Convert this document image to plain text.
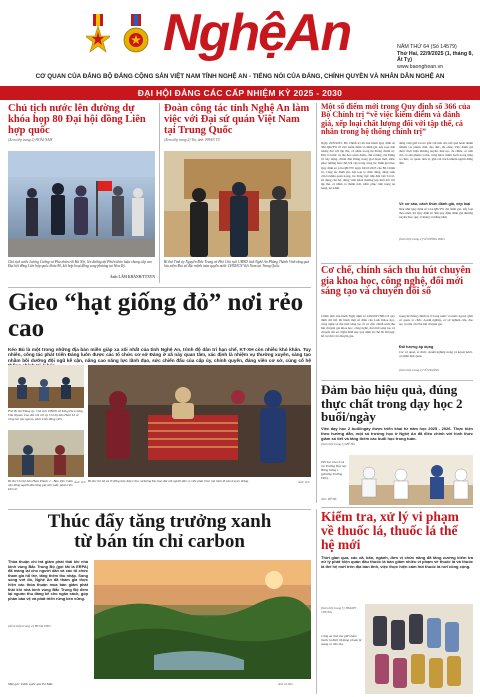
NghệAn	NĂM THỨ 64 (Số 14579)
Thứ Hai, 22/9/2025 (1, tháng 8, Ất Tỵ)
www.baonghean.vn
CƠ QUAN CỦA ĐẢNG BỘ ĐẢNG CỘNG SẢN VIỆT NAM TỈNH NGHỆ AN - TIẾNG NÓI CỦA ĐẢNG, CHÍNH QUYỀN VÀ NHÂN DÂN NGHỆ AN
ĐẠI HỘI ĐẢNG CÁC CẤP NHIỆM KỲ 2025 - 2030
Chủ tịch nước lên đường dự khóa họp 80 Đại hội đồng Liên hợp quốc
(Xem tiếp trang 2) HOÀI NAM
Chủ tịch nước Lương Cường và Phu nhân rời Hà Nội, lên đường dự Phiên thảo luận chung cấp cao Đại hội đồng Liên hợp quốc khóa 80, kết hợp hoạt động song phương tại Hoa Kỳ.
Ảnh: LÂM KHÁNH/TTXVN
Đoàn công tác tỉnh Nghệ An làm việc với Đại sứ quán Việt Nam tại Trung Quốc
(Xem tiếp trang 2) Tin, ảnh: PHAN TÚ
Bí thư Tỉnh ủy Nguyễn Đức Trung và Phó Chủ tịch UBND tỉnh Nghệ An Phùng Thành Vinh tặng quà lưu niệm Đại sứ đặc mệnh toàn quyền nước CHXHCN Việt Nam tại Trung Quốc.
Một số điểm mới trong Quy định số 366 của Bộ Chính trị “về việc kiểm điểm và đánh giá, xếp loại chất lượng đối với tập thể, cá nhân trong hệ thống chính trị”
Ngày 20/8/2025, Bộ Chính trị đã ban hành Quy định số 366-QĐ/TW về việc kiểm điểm và đánh giá, xếp loại chất lượng đối với tập thể, cá nhân trong hệ thống chính trị. Đây là bước cụ thể hóa quan điểm, chủ trương của Đảng về xây dựng, chỉnh đốn Đảng trong giai đoạn mới, khắc phục những hạn chế, bất cập trong công tác đánh giá theo Quy định số 124-QĐ/TW ngày 04/10/2023 của Bộ Chính trị. Công tác đánh giá, xếp loại tổ chức đảng, đảng viên cần là khâu quan trọng, tác động trực tiếp đến việc bố trí, sử dụng cán bộ, động viên khen thưởng kịp thời đối với tập thể, cá nhân có thành tích, khắc phục tình trạng nể nang, né tránh.
đảng viên giữ vai trò gắn với tiêu chí, kết quả hoàn thành nhiệm vụ, phẩm chất, đạo đức, lối sống. Việc đánh giá được thực hiện thường xuyên, liên tục, đa chiều, có tiêu chí, có sản phẩm cụ thể, công khai, minh bạch trong từng tổ chức, cơ quan, đơn vị, gắn với trách nhiệm người đứng đầu.
Về cơ cấu, cách thức đánh giá, xếp loại
Nếu như Quy định số 124-QĐ/TW chỉ đánh giá, xếp loại theo năm, thì Quy định số 366 quy định đánh giá thường xuyên theo quý, 6 tháng và hằng năm.
(Xem tiếp trang 2) VÕ HỒNG HẢO
Gieo “hạt giống đỏ” nơi rẻo cao
Kéo Bù là một trong những địa bàn miền giáp xa xôi nhất của tỉnh Nghệ An, trình độ dân trí hạn chế, KT-XH còn nhiều khó khăn. Tuy nhiên, công tác phát triển Đảng luôn được các tổ chức cơ sở Đảng ở xã này quan tâm, xác định là nhiệm vụ thường xuyên, sáng tạo nhằm bồi dưỡng đội ngũ kế cận, nâng cao năng lực lãnh đạo, sức chiến đấu của cấp ủy, chính quyền, đảng viên cơ sở, củng cố hệ
Phó Bí thư Đảng ủy, Chủ tịch UBND xã Kẻng Đu Lương Văn Ngoan trao đổi với chi ủy Chi bộ bản Huồi Lê về công tác tạo nguồn, phát triển đảng viên.
Bí thư Chi bộ bản Huồi Phuốc 1 - Bùa Văn Cảnh vận động người dân tăng gia sản xuất, phát triển kinh tế.
Ảnh: K.L Bí thư chi bộ và Trưởng bản Xốp Côm, xã Kẻng Đu trao đổi với người dân về việc phát triển mô hình di sản truyền thống.	Ảnh: K.L
Cơ chế, chính sách thu hút chuyên gia khoa học, công nghệ, đổi mới sáng tạo và chuyển đổi số
Chính phủ ban hành Nghị định số 249/2025/NĐ-CP quy định chi tiết thi hành một số điều của Luật Khoa học, công nghệ và đổi mới sáng tạo về cơ chế, chính sách thu hút chuyên gia khoa học, công nghệ, đổi mới sáng tạo và chuyển đổi số. Nghị định này quy định về chế độ đãi ngộ, hỗ trợ đối với chuyên gia.
trong hệ thống chính trị ở trong nước và nước ngoài, gồm cơ quan, tổ chức, doanh nghiệp, cơ sở nghiên cứu, đào tạo có nhu cầu thu hút chuyên gia.
Đối tượng áp dụng
Các cơ quan, tổ chức, doanh nghiệp trong và ngoài nước, cá nhân liên quan.
(Xem tiếp trang 2) VŨ HOÀNG
Đảm bảo hiệu quả, đúng thực chất trong dạy học 2 buổi/ngày
Việc dạy học 2 buổi/ngày được triển khai từ năm học 2025 - 2026. Thực hiện theo hướng dẫn, một số trường học ở Nghệ An đã điều chỉnh với hình thức giảm số tiết và tăng thêm các buổi học trong tuần.
(Xem tiếp trang 3) MỸ HÀ
Tiết học của cô và trò Trường Tiểu học Hưng Dũng 1 (phường Trường Vinh).
Ảnh: MỸ HÀ
Thúc đẩy tăng trưởng xanh từ bán tín chỉ carbon
Thỏa thuận chi trả giảm phát thải khí nhà kính vùng Bắc Trung Bộ (gọi tắt là ERPA) đã mang lại cho người dân và các tổ chức tham gia hỗ trợ, tăng thêm thu nhập. Song song với đó, Nghệ An đã tham gia thực hiện các thỏa thuận mua bán giảm phát thải khí nhà kính vùng Bắc Trung Bộ đem lại nguồn thu đáng kể cho ngân sách, góp phần bảo vệ và phát triển rừng bền vững.
(Xem tiếp trang 2) HOÀI THU
Một góc Vườn quốc gia Pù Mát.	Ảnh tư liệu
Kiểm tra, xử lý vi phạm về thuốc lá, thuốc lá thế hệ mới
Thời gian qua, các xã, bản, ngành, đơn vị chức năng đã tăng cường kiểm tra xử lý phát hiện quán đầu thuốc lá bán giảm nhiều vi phạm về thuốc lá và thuốc lá thế hệ mới trên địa bàn tỉnh, việc thực hiện cấm hút thuốc lá nơi công cộng.
(Xem tiếp trang 3) THANH CHUNG
Công an tỉnh thu giữ nhiều thuốc lá điện tử đang chuẩn bị mang ra tiêu thụ.
